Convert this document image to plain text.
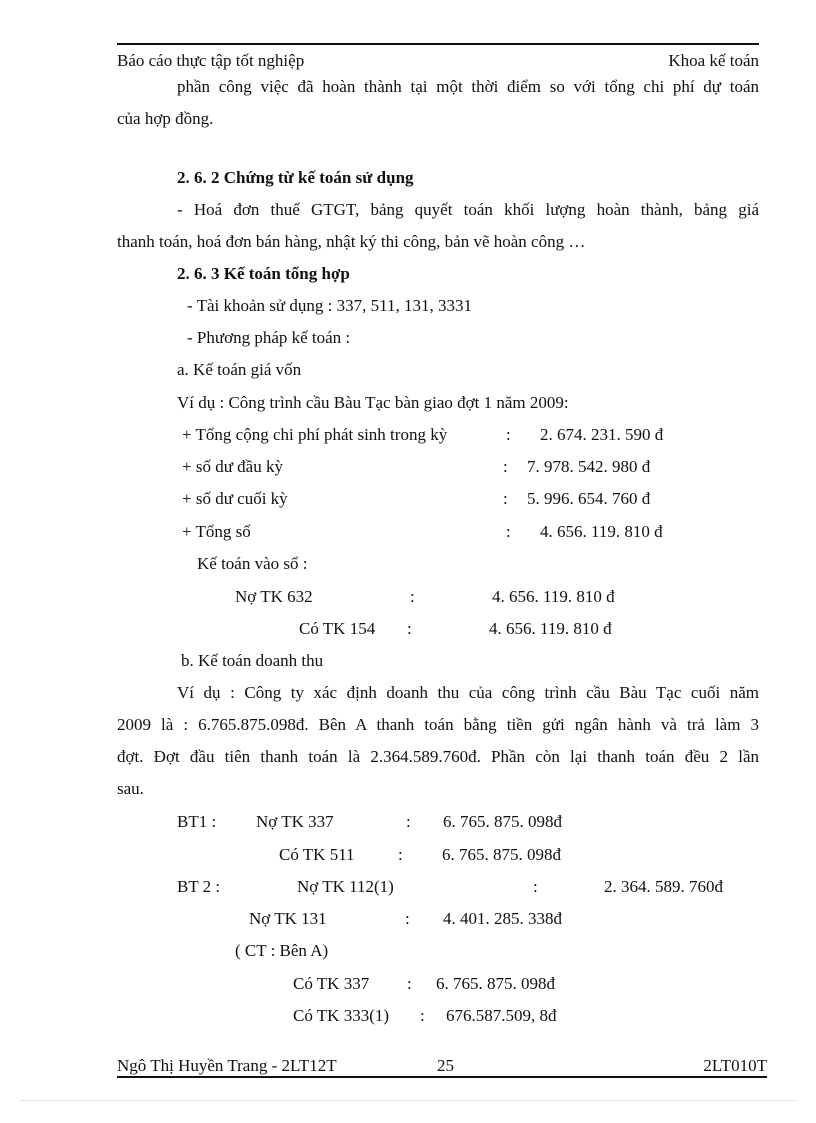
Báo cáo thực tập tốt nghiệp	Khoa kế toán
phần công việc đã hoàn thành tại một thời điểm so với tổng chi phí dự toán
của hợp đồng.
2. 6. 2 Chứng từ kế toán sử dụng
- Hoá đơn thuế GTGT, bảng quyết toán khối lượng hoàn thành, bảng giá
thanh toán, hoá đơn bán hàng, nhật ký thi công, bản vẽ hoàn công …
2. 6. 3 Kế toán tổng hợp
- Tài khoản sử dụng : 337, 511, 131, 3331
- Phương pháp kế toán :
a. Kế toán giá vốn
Ví dụ : Công trình cầu Bàu Tạc bàn giao đợt 1 năm 2009:
+ Tổng cộng chi phí phát sinh trong kỳ	: 2. 674. 231. 590 đ
+ số dư đầu kỳ	: 7. 978. 542. 980 đ
+ số dư cuối kỳ	: 5. 996. 654. 760 đ
+ Tổng số	: 4. 656. 119. 810 đ
Kế toán vào sổ :
Nợ TK 632	:	4. 656. 119. 810 đ
Có TK 154 :	4. 656. 119. 810 đ
b. Kế toán doanh thu
Ví dụ : Công ty xác định doanh thu của công trình cầu Bàu Tạc cuối năm
2009 là : 6.765.875.098đ. Bên A thanh toán bằng tiền gửi ngân hành và trả làm 3
đợt. Đợt đầu tiên thanh toán là 2.364.589.760đ. Phần còn lại thanh toán đều 2 lần
sau.
BT1 : Nợ TK 337	: 6. 765. 875. 098đ
Có TK 511	: 6. 765. 875. 098đ
BT 2 :	Nợ TK 112(1)	:	2. 364. 589. 760đ
Nợ TK 131	: 4. 401. 285. 338đ
( CT : Bên A)
Có TK 337 : 6. 765. 875. 098đ
Có TK 333(1) : 676.587.509, 8đ
Ngô Thị Huyền Trang - 2LT12T	25	2LT010T
